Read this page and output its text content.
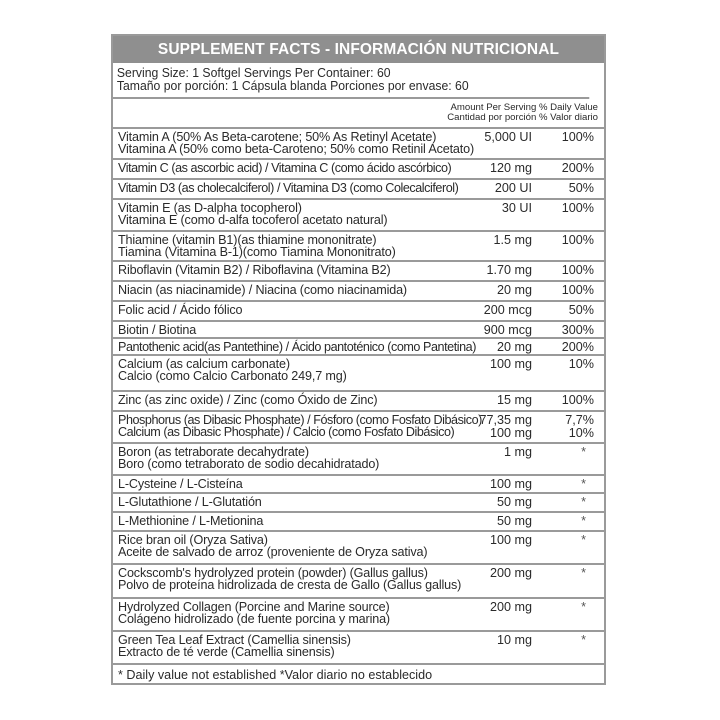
SUPPLEMENT FACTS - INFORMACIÓN NUTRICIONAL
Serving Size: 1 Softgel Servings Per Container: 60
Tamaño por porción: 1 Cápsula blanda Porciones por envase: 60
Amount Per Serving % Daily Value
Cantidad por porción % Valor diario
Vitamin A (50% As Beta-carotene; 50% As Retinyl Acetate)
Vitamina A (50% como beta-Caroteno; 50% como Retinil Acetato)
5,000 UI 100%
Vitamin C (as ascorbic acid) / Vitamina C (como ácido ascórbico)	120 mg 200%
Vitamin D3 (as cholecalciferol) / Vitamina D3 (como Colecalciferol)	200 UI	50%
Vitamin E (as D-alpha tocopherol)
Vitamina E (como d-alfa tocoferol acetato natural)
30 UI 100%
Thiamine (vitamin B1)(as thiamine mononitrate)
Tiamina (Vitamina B-1)(como Tiamina Mononitrato)
1.5 mg 100%
Riboflavin (Vitamin B2) / Riboflavina (Vitamina B2)	1.70 mg 100%
Niacin (as niacinamide) / Niacina (como niacinamida)	20 mg 100%
Folic acid / Ácido fólico	200 mcg	50%
Biotin / Biotina	900 mcg 300%
Pantothenic acid(as Pantethine) / Ácido pantoténico (como Pantetina)	20 mg 200%
Calcium (as calcium carbonate)
Calcio (como Calcio Carbonato 249,7 mg)
100 mg	10%
Zinc (as zinc oxide) / Zinc (como Óxido de Zinc)	15 mg 100%
Phosphorus (as Dibasic Phosphate) / Fósforo (como Fosfato Dibásico)
Calcium (as Dibasic Phosphate) / Calcio (como Fosfato Dibásico)
77,35 mg	7,7%
100 mg	10%
Boron (as tetraborate decahydrate)
Boro (como tetraborato de sodio decahidratado)
1 mg	*
L-Cysteine / L-Cisteína	100 mg	*
L-Glutathione / L-Glutatión	50 mg	*
L-Methionine / L-Metionina	50 mg	*
Rice bran oil (Oryza Sativa)
Aceite de salvado de arroz (proveniente de Oryza sativa)
100 mg	*
Cockscomb's hydrolyzed protein (powder) (Gallus gallus)
Polvo de proteína hidrolizada de cresta de Gallo (Gallus gallus)
200 mg	*
Hydrolyzed Collagen (Porcine and Marine source)
Colágeno hidrolizado (de fuente porcina y marina)
200 mg	*
Green Tea Leaf Extract (Camellia sinensis)
Extracto de té verde (Camellia sinensis)
10 mg	*
* Daily value not established *Valor diario no establecido
